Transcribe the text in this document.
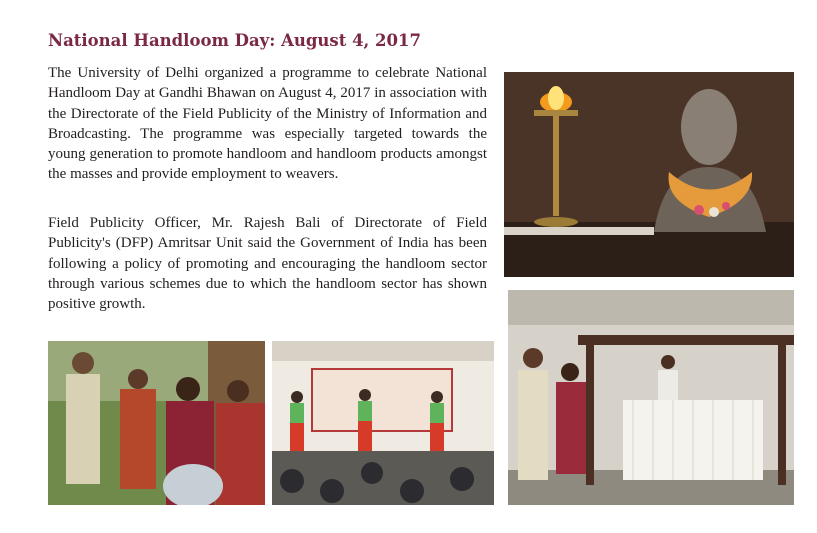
National Handloom Day: August 4, 2017

The University of Delhi organized a programme to celebrate National Handloom Day at Gandhi Bhawan on August 4, 2017 in association with the Directorate of the Field Publicity of the Ministry of Information and Broadcasting. The programme was especially targeted towards the young generation to promote handloom and handloom products amongst the masses and provide employment to weavers.

Field Publicity Officer, Mr. Rajesh Bali of Directorate of Field Publicity's (DFP) Amritsar Unit said the Government of India has been following a policy of promoting and encouraging the handloom sector through various schemes due to which the handloom sector has shown positive growth.
